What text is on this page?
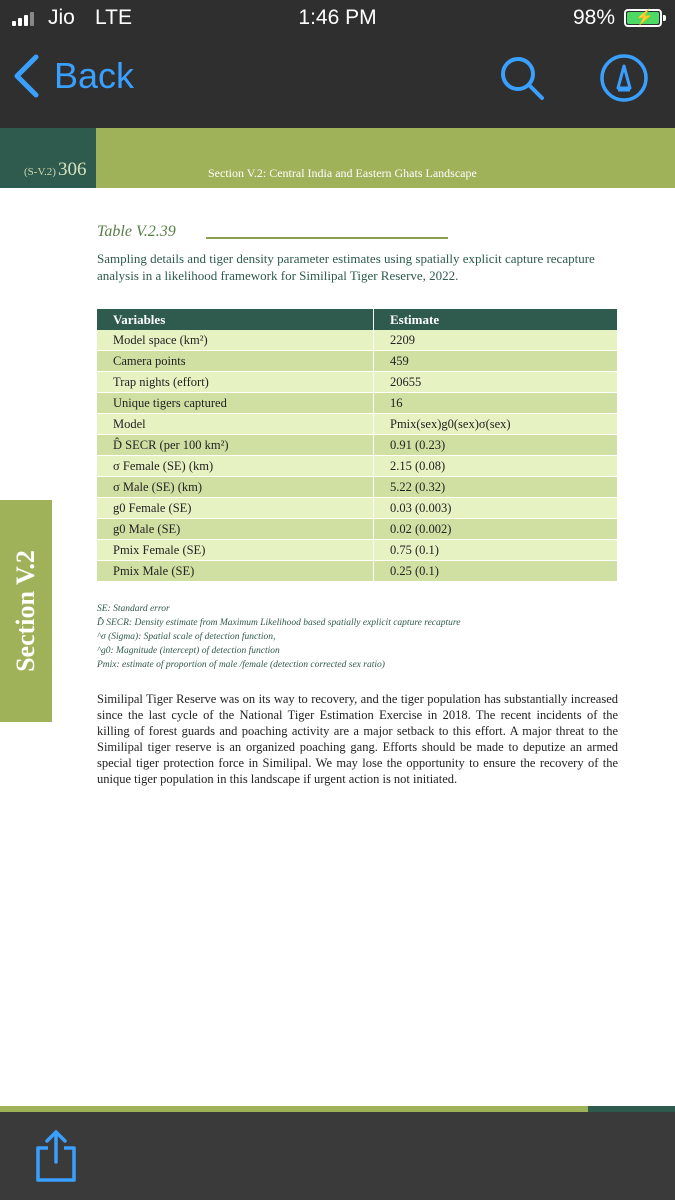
Jio LTE	1:46 PM	98% ⚡
Back
(S-V.2) 306	Section V.2: Central India and Eastern Ghats Landscape
Section V.2
Table V.2.39
Sampling details and tiger density parameter estimates using spatially explicit capture recapture analysis in a likelihood framework for Similipal Tiger Reserve, 2022.
Variables	Estimate
Model space (km²)	2209
Camera points	459
Trap nights (effort)	20655
Unique tigers captured	16
Model	Pmix(sex)g0(sex)σ(sex)
D̂ SECR (per 100 km²)	0.91 (0.23)
σ Female (SE) (km)	2.15 (0.08)
σ Male (SE) (km)	5.22 (0.32)
g0 Female (SE)	0.03 (0.003)
g0 Male (SE)	0.02 (0.002)
Pmix Female (SE)	0.75 (0.1)
Pmix Male (SE)	0.25 (0.1)
SE: Standard error
D̂ SECR: Density estimate from Maximum Likelihood based spatially explicit capture recapture
^σ (Sigma): Spatial scale of detection function,
^g0: Magnitude (intercept) of detection function
Pmix: estimate of proportion of male /female (detection corrected sex ratio)
Similipal Tiger Reserve was on its way to recovery, and the tiger population has substantially increased since the last cycle of the National Tiger Estimation Exercise in 2018. The recent incidents of the killing of forest guards and poaching activity are a major setback to this effort. A major threat to the Similipal tiger reserve is an organized poaching gang. Efforts should be made to deputize an armed special tiger protection force in Similipal. We may lose the opportunity to ensure the recovery of the unique tiger population in this landscape if urgent action is not initiated.
